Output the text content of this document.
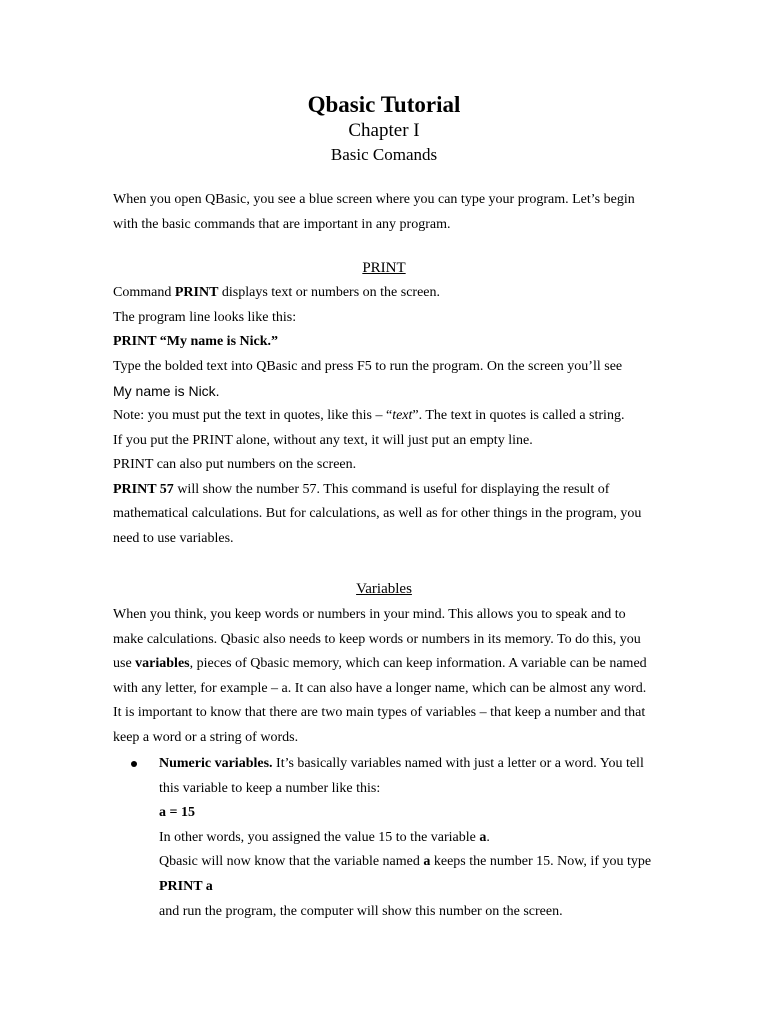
Qbasic Tutorial
Chapter I
Basic Comands

When you open QBasic, you see a blue screen where you can type your program. Let’s begin

with the basic commands that are important in any program.

PRINT

Command PRINT displays text or numbers on the screen.

The program line looks like this:

PRINT “My name is Nick.”

Type the bolded text into QBasic and press F5 to run the program. On the screen you’ll see

My name is Nick.

Note: you must put the text in quotes, like this – “text”. The text in quotes is called a string.

If you put the PRINT alone, without any text, it will just put an empty line.

PRINT can also put numbers on the screen.

PRINT 57 will show the number 57. This command is useful for displaying the result of

mathematical calculations. But for calculations, as well as for other things in the program, you

need to use variables.

Variables

When you think, you keep words or numbers in your mind. This allows you to speak and to

make calculations. Qbasic also needs to keep words or numbers in its memory. To do this, you

use variables, pieces of Qbasic memory, which can keep information. A variable can be named

with any letter, for example – a. It can also have a longer name, which can be almost any word.

It is important to know that there are two main types of variables – that keep a number and that

keep a word or a string of words.

Numeric variables. It’s basically variables named with just a letter or a word. You tell

this variable to keep a number like this:

a = 15

In other words, you assigned the value 15 to the variable a.

Qbasic will now know that the variable named a keeps the number 15. Now, if you type

PRINT a

and run the program, the computer will show this number on the screen.
